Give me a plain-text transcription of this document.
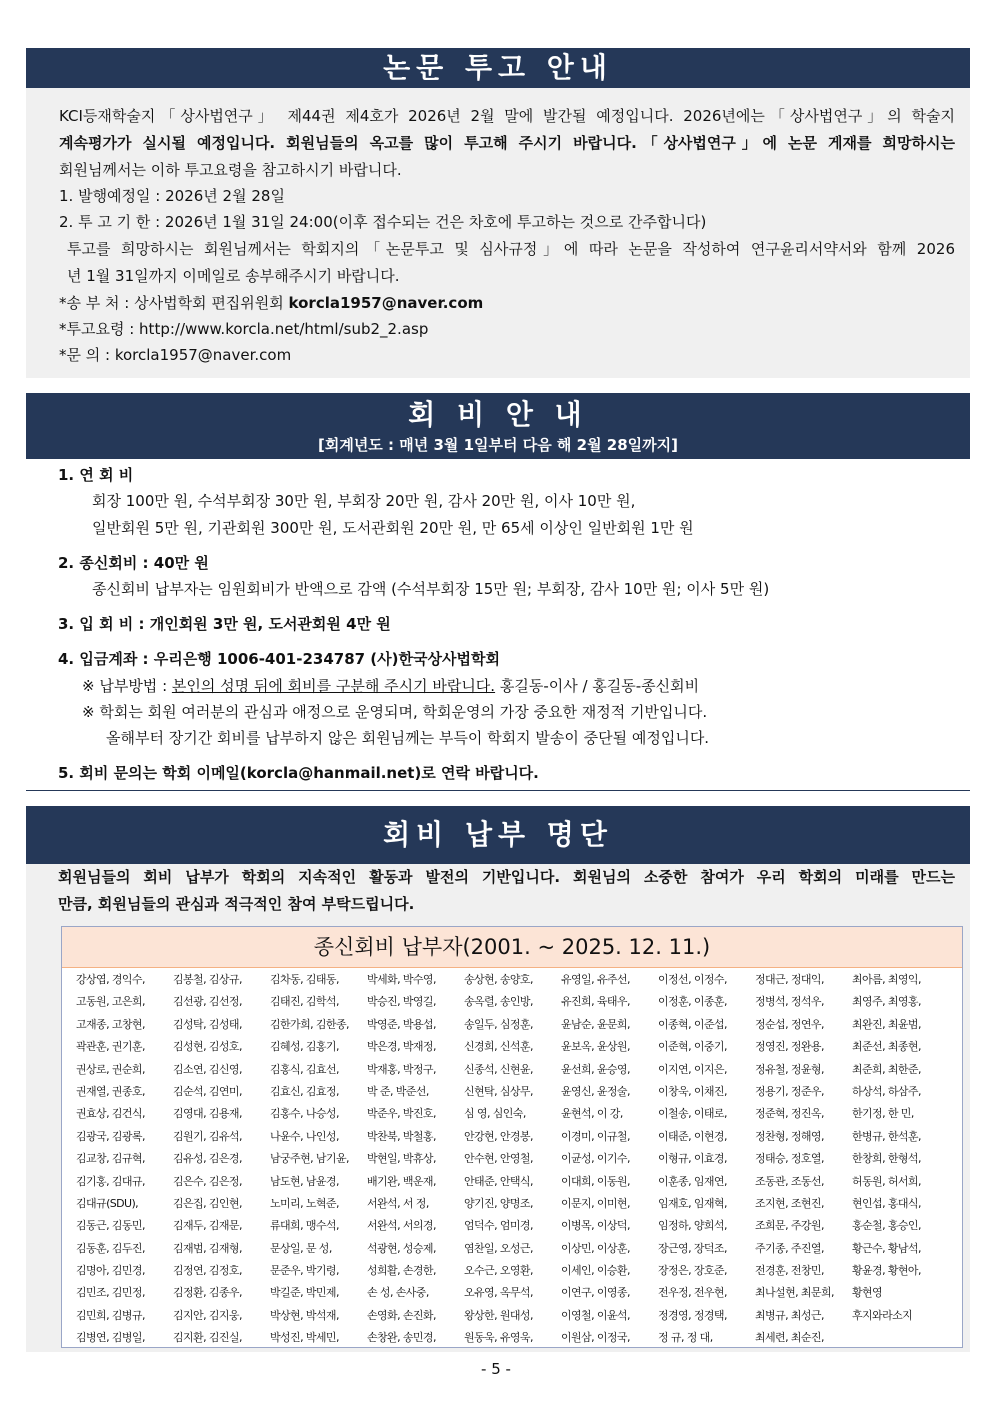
논문 투고 안내
KCI등재학술지「상사법연구」 제44권 제4호가 2026년 2월 말에 발간될 예정입니다. 2026년에는「상사법연구」의 학술지
계속평가가 실시될 예정입니다. 회원님들의 옥고를 많이 투고해 주시기 바랍니다.「상사법연구」에 논문 게재를 희망하시는
회원님께서는 이하 투고요령을 참고하시기 바랍니다.
1. 발행예정일 : 2026년 2월 28일
2. 투 고 기 한 : 2026년 1월 31일 24:00(이후 접수되는 건은 차호에 투고하는 것으로 간주합니다)
투고를 희망하시는 회원님께서는 학회지의「논문투고 및 심사규정」에 따라 논문을 작성하여 연구윤리서약서와 함께 2026
년 1월 31일까지 이메일로 송부해주시기 바랍니다.
*송 부 처 : 상사법학회 편집위원회 korcla1957@naver.com
*투고요령 : http://www.korcla.net/html/sub2_2.asp
*문 의 : korcla1957@naver.com
회 비 안 내
[회계년도 : 매년 3월 1일부터 다음 해 2월 28일까지]
1. 연 회 비
회장 100만 원, 수석부회장 30만 원, 부회장 20만 원, 감사 20만 원, 이사 10만 원,
일반회원 5만 원, 기관회원 300만 원, 도서관회원 20만 원, 만 65세 이상인 일반회원 1만 원
2. 종신회비 : 40만 원
종신회비 납부자는 임원회비가 반액으로 감액 (수석부회장 15만 원; 부회장, 감사 10만 원; 이사 5만 원)
3. 입 회 비 : 개인회원 3만 원, 도서관회원 4만 원
4. 입금계좌 : 우리은행 1006-401-234787 (사)한국상사법학회
※ 납부방법 : 본인의 성명 뒤에 회비를 구분해 주시기 바랍니다. 홍길동-이사 / 홍길동-종신회비
※ 학회는 회원 여러분의 관심과 애정으로 운영되며, 학회운영의 가장 중요한 재정적 기반입니다.
올해부터 장기간 회비를 납부하지 않은 회원님께는 부득이 학회지 발송이 중단될 예정입니다.
5. 회비 문의는 학회 이메일(korcla@hanmail.net)로 연락 바랍니다.
회비 납부 명단
회원님들의 회비 납부가 학회의 지속적인 활동과 발전의 기반입니다. 회원님의 소중한 참여가 우리 학회의 미래를 만드는
만큼, 회원님들의 관심과 적극적인 참여 부탁드립니다.
종신회비 납부자(2001. ~ 2025. 12. 11.)
강상엽, 경익수,	김봉철, 김상규,	김차동, 김태동,	박세화, 박수영,	송상현, 송양호,	유영일, 유주선,	이정선, 이정수,	정대근, 정대익,	최아름, 최영익,
고동원, 고은희,	김선광, 김선정,	김태진, 김학석,	박승진, 박영길,	송옥렬, 송인방,	유진희, 육태우,	이정훈, 이종훈,	정병석, 정석우,	최영주, 최영홍,
고재종, 고창현,	김성탁, 김성태,	김한가희, 김한종,	박영준, 박용섭,	송일두, 심정훈,	윤남순, 윤문희,	이종혁, 이준섭,	정순섭, 정연우,	최완진, 최윤범,
곽관훈, 권기훈,	김성현, 김성호,	김혜성, 김홍기,	박은경, 박재정,	신경희, 신석훈,	윤보옥, 윤상원,	이준혁, 이중기,	정영진, 정완용,	최준선, 최종현,
권상로, 권순희,	김소연, 김신영,	김홍식, 김효선,	박재홍, 박정구,	신종석, 신현윤,	윤선희, 윤승영,	이지연, 이지은,	정유철, 정윤형,	최준희, 최한준,
권재열, 권종호,	김순석, 김연미,	김효신, 김효정,	박 준, 박준선,	신현탁, 심상무,	윤영신, 윤정술,	이창욱, 이채진,	정용기, 정준우,	하상석, 하삼주,
권효상, 김건식,	김영대, 김용재,	김홍수, 나승성,	박준우, 박진호,	심 영, 심인숙,	윤현석, 이 강,	이철송, 이태로,	정준혁, 정진옥,	한기정, 한 민,
김광국, 김광록,	김원기, 김유석,	나윤수, 나인성,	박찬북, 박철홍,	안강현, 안경봉,	이경미, 이규철,	이태준, 이현경,	정찬형, 정해영,	한병규, 한석훈,
김교창, 김규혁,	김유성, 김은경,	남궁주현, 남기윤,	박현일, 박휴상,	안수현, 안영철,	이균성, 이기수,	이형규, 이효경,	정태승, 정호열,	한창희, 한형석,
김기홍, 김대규,	김은수, 김은정,	남도현, 남윤경,	배기완, 백운재,	안태준, 안택식,	이대희, 이동원,	이훈종, 임재연,	조동관, 조동선,	허동원, 허서희,
김대규(SDU),	김은집, 김인현,	노미리, 노혁준,	서완석, 서 정,	양기진, 양명조,	이문지, 이미현,	임재호, 임재혁,	조지현, 조현진,	현인섭, 홍대식,
김동근, 김동민,	김재두, 김재문,	류대희, 맹수석,	서완석, 서의경,	엄덕수, 엄미경,	이병목, 이상덕,	임정하, 양희석,	조희문, 주강원,	홍순철, 홍승인,
김동훈, 김두진,	김재범, 김재형,	문상일, 문 성,	석광현, 성승제,	염찬일, 오성근,	이상민, 이상훈,	장근영, 장덕조,	주기종, 주진열,	황근수, 황남석,
김명아, 김민경,	김정연, 김정호,	문준우, 박기령,	성희활, 손경한,	오수근, 오영환,	이세인, 이승환,	장정은, 장호준,	전경훈, 전창민,	황윤경, 황현아,
김민조, 김민정,	김정환, 김종우,	박길준, 박민제,	손 성, 손사중,	오유영, 옥무석,	이연구, 이영종,	전우정, 전우현,	최나설현, 최문희,	황현영
김민희, 김병규,	김지안, 김지웅,	박상현, 박석재,	손영화, 손진화,	왕상한, 원대성,	이영철, 이윤석,	정경영, 정경택,	최병규, 최성근,	후지와라소지
김병연, 김병일,	김지환, 김진실,	박성진, 박세민,	손창완, 송민경,	원동욱, 유영욱,	이원삼, 이정국,	정 규, 정 대,	최세련, 최순진,
- 5 -
